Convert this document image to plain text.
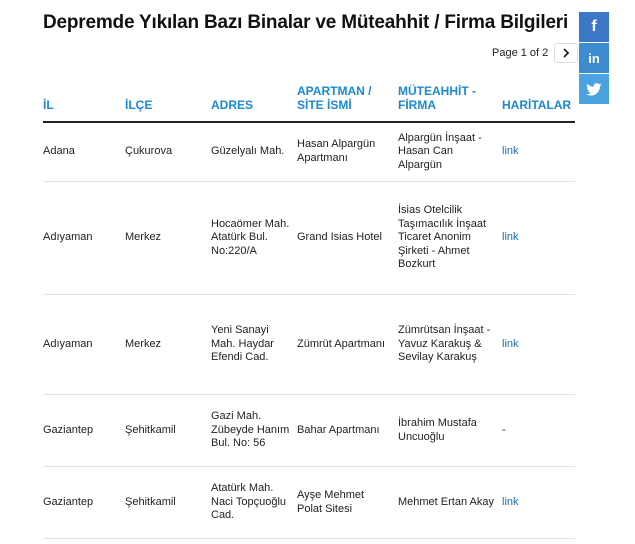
Depremde Yıkılan Bazı Binalar ve Müteahhit / Firma Bilgileri
Page 1 of 2
f
in
İL	İLÇE	ADRES	APARTMAN / SİTE İSMİ	MÜTEAHHİT - FİRMA	HARİTALAR
Adana	Çukurova	Güzelyalı Mah.	Hasan Alpargün Apartmanı	Alpargün İnşaat - Hasan Can Alpargün	link
Adıyaman	Merkez	Hocaömer Mah. Atatürk Bul. No:220/A	Grand Isias Hotel	İsias Otelcilik Taşımacılık İnşaat Ticaret Anonim Şirketi - Ahmet Bozkurt	link
Adıyaman	Merkez	Yeni Sanayi Mah. Haydar Efendi Cad.	Zümrüt Apartmanı	Zümrütsan İnşaat - Yavuz Karakuş & Sevilay Karakuş	link
Gaziantep	Şehitkamil	Gazi Mah. Zübeyde Hanım Bul. No: 56	Bahar Apartmanı	İbrahim Mustafa Uncuoğlu	-
Gaziantep	Şehitkamil	Atatürk Mah. Naci Topçuoğlu Cad.	Ayşe Mehmet Polat Sitesi	Mehmet Ertan Akay	link
